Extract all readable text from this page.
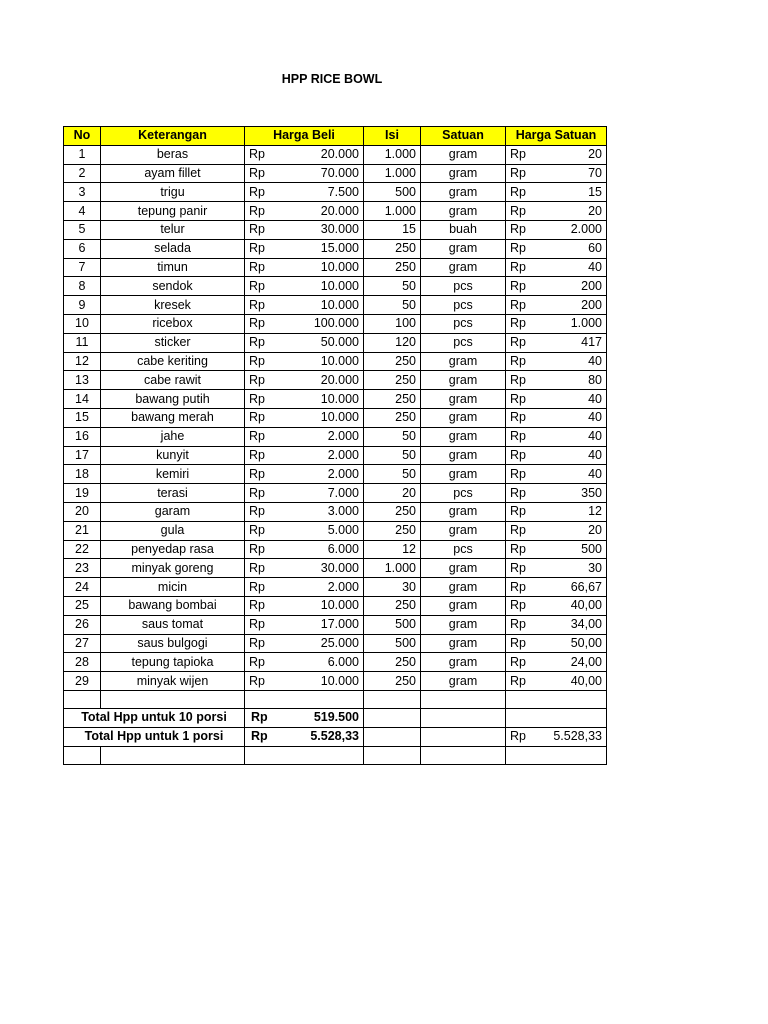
HPP RICE BOWL
No	Keterangan	Harga Beli	Isi	Satuan	Harga Satuan
1	beras	Rp 20.000	1.000	gram	Rp 20

2	ayam fillet	Rp 70.000	1.000	gram	Rp 70

3	trigu	Rp 7.500	500	gram	Rp 15

4	tepung panir	Rp 20.000	1.000	gram	Rp 20

5	telur	Rp 30.000	15	buah	Rp 2.000

6	selada	Rp 15.000	250	gram	Rp 60

7	timun	Rp 10.000	250	gram	Rp 40

8	sendok	Rp 10.000	50	pcs	Rp 200

9	kresek	Rp 10.000	50	pcs	Rp 200

10	ricebox	Rp 100.000	100	pcs	Rp 1.000

11	sticker	Rp 50.000	120	pcs	Rp 417

12	cabe keriting	Rp 10.000	250	gram	Rp 40

13	cabe rawit	Rp 20.000	250	gram	Rp 80

14	bawang putih	Rp 10.000	250	gram	Rp 40

15	bawang merah	Rp 10.000	250	gram	Rp 40

16	jahe	Rp 2.000	50	gram	Rp 40

17	kunyit	Rp 2.000	50	gram	Rp 40

18	kemiri	Rp 2.000	50	gram	Rp 40

19	terasi	Rp 7.000	20	pcs	Rp 350

20	garam	Rp 3.000	250	gram	Rp 12

21	gula	Rp 5.000	250	gram	Rp 20

22	penyedap rasa	Rp 6.000	12	pcs	Rp 500

23	minyak goreng	Rp 30.000	1.000	gram	Rp 30

24	micin	Rp 2.000	30	gram	Rp 66,67

25	bawang bombai	Rp 10.000	250	gram	Rp 40,00

26	saus tomat	Rp 17.000	500	gram	Rp 34,00

27	saus bulgogi	Rp 25.000	500	gram	Rp 50,00

28	tepung tapioka	Rp 6.000	250	gram	Rp 24,00

29	minyak wijen	Rp 10.000	250	gram	Rp 40,00

Total Hpp untuk 10 porsi		Rp 519.500			

Total Hpp untuk 1 porsi		Rp 5.528,33			Rp 5.528,33
